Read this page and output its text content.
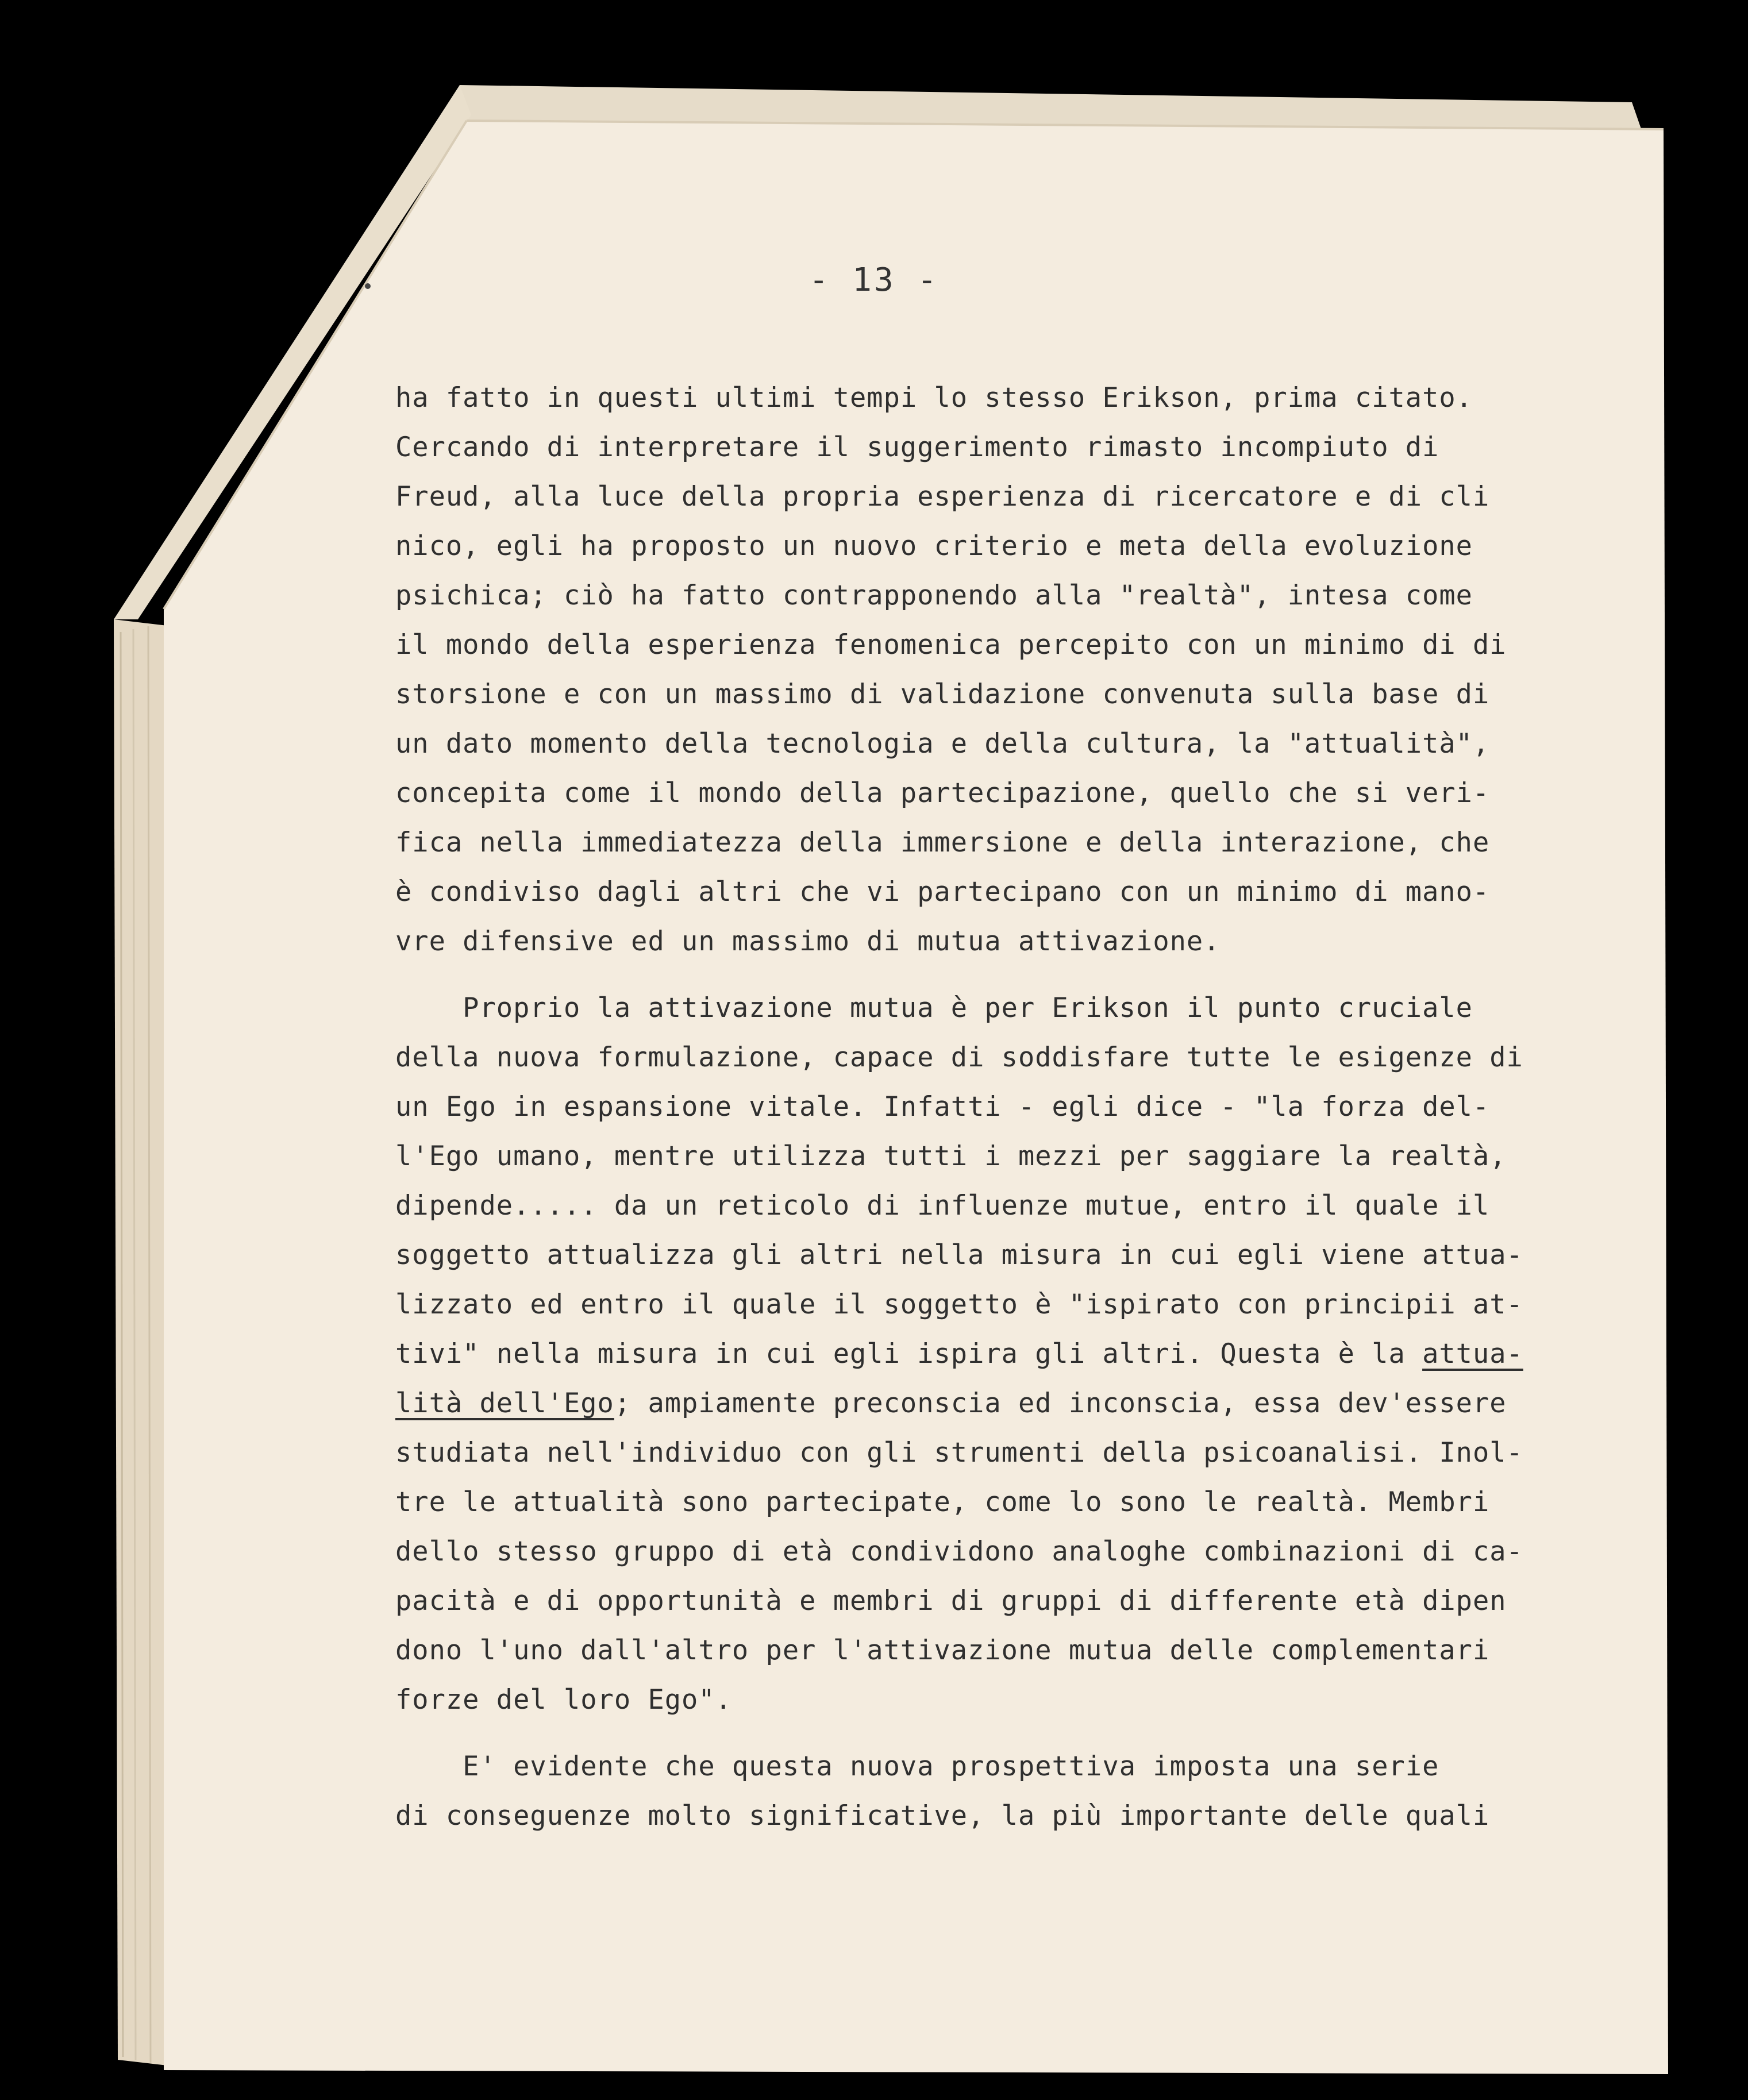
- 13 -
ha fatto in questi ultimi tempi lo stesso Erikson, prima citato.
Cercando di interpretare il suggerimento rimasto incompiuto di
Freud, alla luce della propria esperienza di ricercatore e di cli
nico, egli ha proposto un nuovo criterio e meta della evoluzione
psichica; ciò ha fatto contrapponendo alla "realtà", intesa come
il mondo della esperienza fenomenica percepito con un minimo di di
storsione e con un massimo di validazione convenuta sulla base di
un dato momento della tecnologia e della cultura, la "attualità",
concepita come il mondo della partecipazione, quello che si veri-
fica nella immediatezza della immersione e della interazione, che
è condiviso dagli altri che vi partecipano con un minimo di mano-
vre difensive ed un massimo di mutua attivazione.
Proprio la attivazione mutua è per Erikson il punto cruciale
della nuova formulazione, capace di soddisfare tutte le esigenze di
un Ego in espansione vitale. Infatti - egli dice - "la forza del-
l'Ego umano, mentre utilizza tutti i mezzi per saggiare la realtà,
dipende..... da un reticolo di influenze mutue, entro il quale il
soggetto attualizza gli altri nella misura in cui egli viene attua-
lizzato ed entro il quale il soggetto è "ispirato con principii at-
tivi" nella misura in cui egli ispira gli altri. Questa è la attua-
lità dell'Ego; ampiamente preconscia ed inconscia, essa dev'essere
studiata nell'individuo con gli strumenti della psicoanalisi. Inol-
tre le attualità sono partecipate, come lo sono le realtà. Membri
dello stesso gruppo di età condividono analoghe combinazioni di ca-
pacità e di opportunità e membri di gruppi di differente età dipen
dono l'uno dall'altro per l'attivazione mutua delle complementari
forze del loro Ego".
E' evidente che questa nuova prospettiva imposta una serie
di conseguenze molto significative, la più importante delle quali
